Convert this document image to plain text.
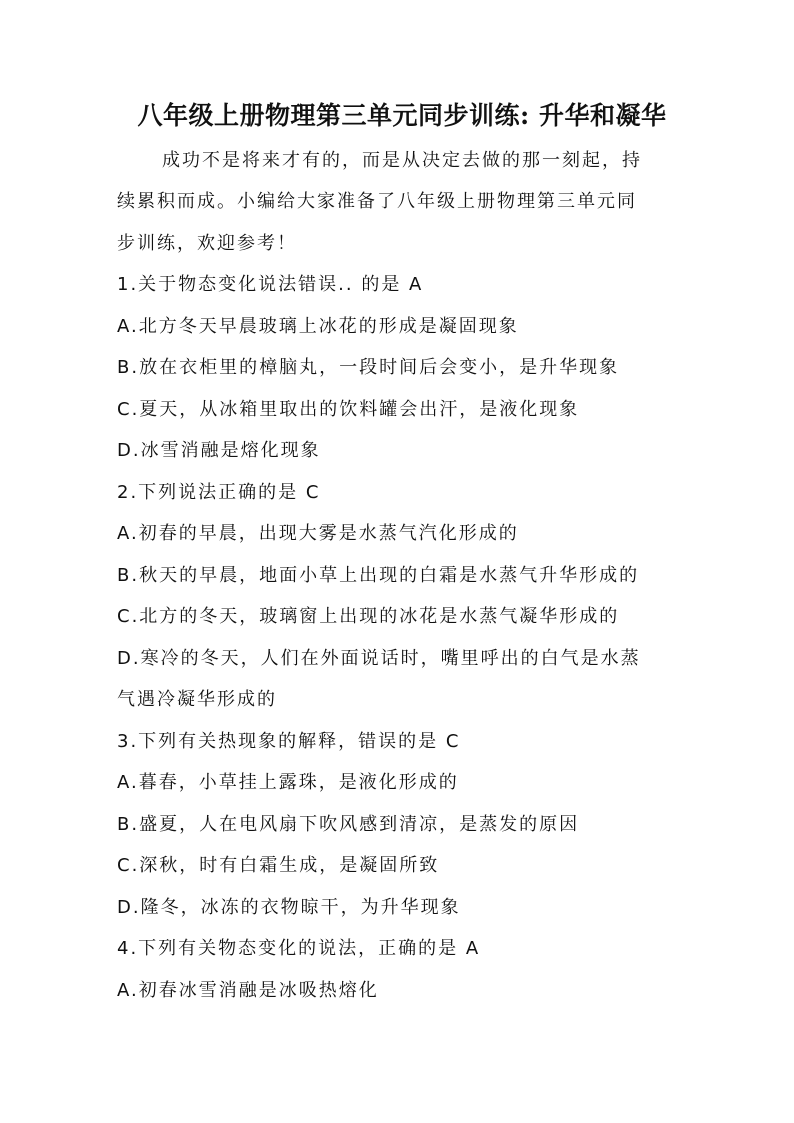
八年级上册物理第三单元同步训练: 升华和凝华
成功不是将来才有的，而是从决定去做的那一刻起，持
续累积而成。小编给大家准备了八年级上册物理第三单元同
步训练，欢迎参考！
1.关于物态变化说法错误.. 的是 A
A.北方冬天早晨玻璃上冰花的形成是凝固现象
B.放在衣柜里的樟脑丸，一段时间后会变小，是升华现象
C.夏天，从冰箱里取出的饮料罐会出汗，是液化现象
D.冰雪消融是熔化现象
2.下列说法正确的是 C
A.初春的早晨，出现大雾是水蒸气汽化形成的
B.秋天的早晨，地面小草上出现的白霜是水蒸气升华形成的
C.北方的冬天，玻璃窗上出现的冰花是水蒸气凝华形成的
D.寒冷的冬天，人们在外面说话时，嘴里呼出的白气是水蒸
气遇冷凝华形成的
3.下列有关热现象的解释，错误的是 C
A.暮春，小草挂上露珠，是液化形成的
B.盛夏，人在电风扇下吹风感到清凉，是蒸发的原因
C.深秋，时有白霜生成，是凝固所致
D.隆冬，冰冻的衣物晾干，为升华现象
4.下列有关物态变化的说法，正确的是 A
A.初春冰雪消融是冰吸热熔化
